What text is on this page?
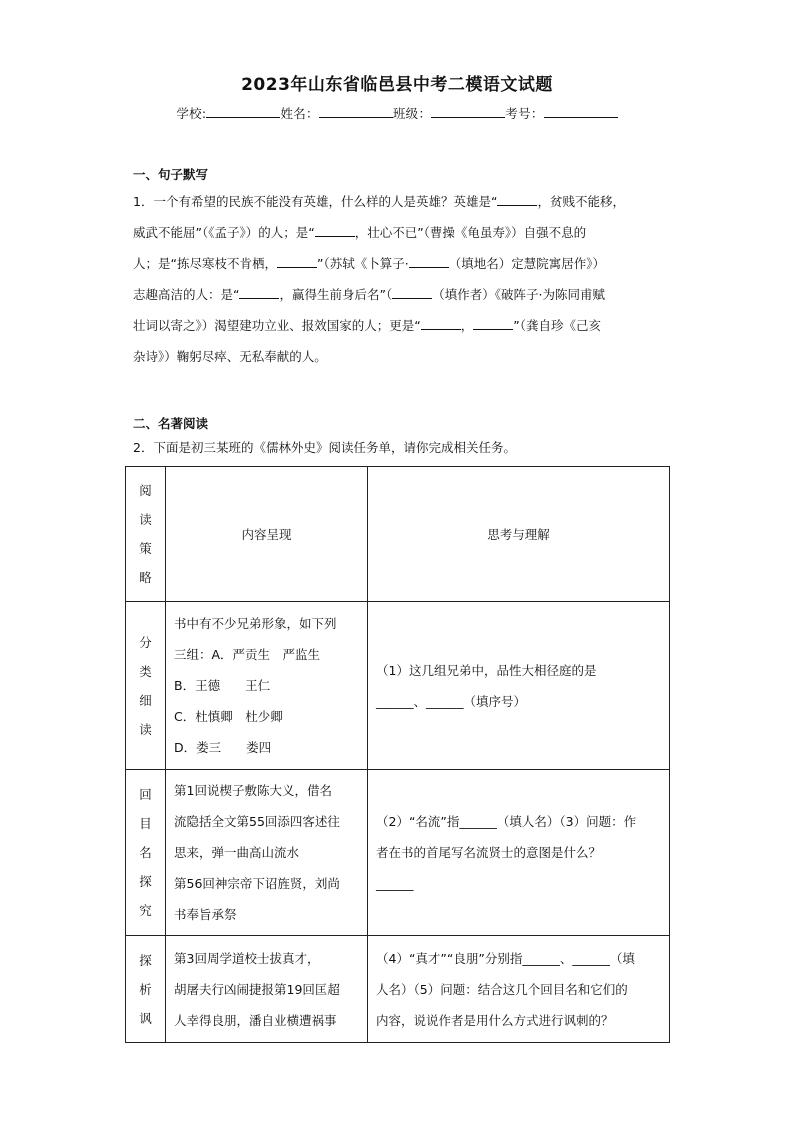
2023年山东省临邑县中考二模语文试题
学校:	姓名：	班级：	考号：
一、句子默写
1．一个有希望的民族不能没有英雄，什么样的人是英雄？英雄是“	，贫贱不能移，
威武不能屈”（《孟子》）的人；是“	，壮心不已”（曹操《龟虽寿》）自强不息的
人；是“拣尽寒枝不肯栖，	”（苏轼《卜算子·	（填地名）定慧院寓居作》）
志趣高洁的人：是“	，赢得生前身后名”（	（填作者）《破阵子·为陈同甫赋
壮词以寄之》）渴望建功立业、报效国家的人；更是“	，	”（龚自珍《己亥
杂诗》）鞠躬尽瘁、无私奉献的人。
二、名著阅读
2．下面是初三某班的《儒林外史》阅读任务单，请你完成相关任务。
阅读策略	内容呈现	思考与理解
分类细读	书中有不少兄弟形象，如下列
三组：A．严贡生　严监生
B．王德　　王仁
C．杜慎卿　杜少卿
D．娄三　　娄四	（1）这几组兄弟中，品性大相径庭的是
______、______（填序号）

回目名探究	第1回说楔子敷陈大义，借名
流隐括全文第55回添四客述往
思来，弹一曲高山流水
第56回神宗帝下诏旌贤，刘尚
书奉旨承祭	（2）“名流”指______（填人名）（3）问题：作
者在书的首尾写名流贤士的意图是什么？
______

探析讽	第3回周学道校士拔真才，
胡屠夫行凶闹捷报第19回匡超
人幸得良朋，潘自业横遭祸事	（4）“真才”“良朋”分别指______、______（填
人名）（5）问题：结合这几个回目名和它们的
内容，说说作者是用什么方式进行讽刺的？
